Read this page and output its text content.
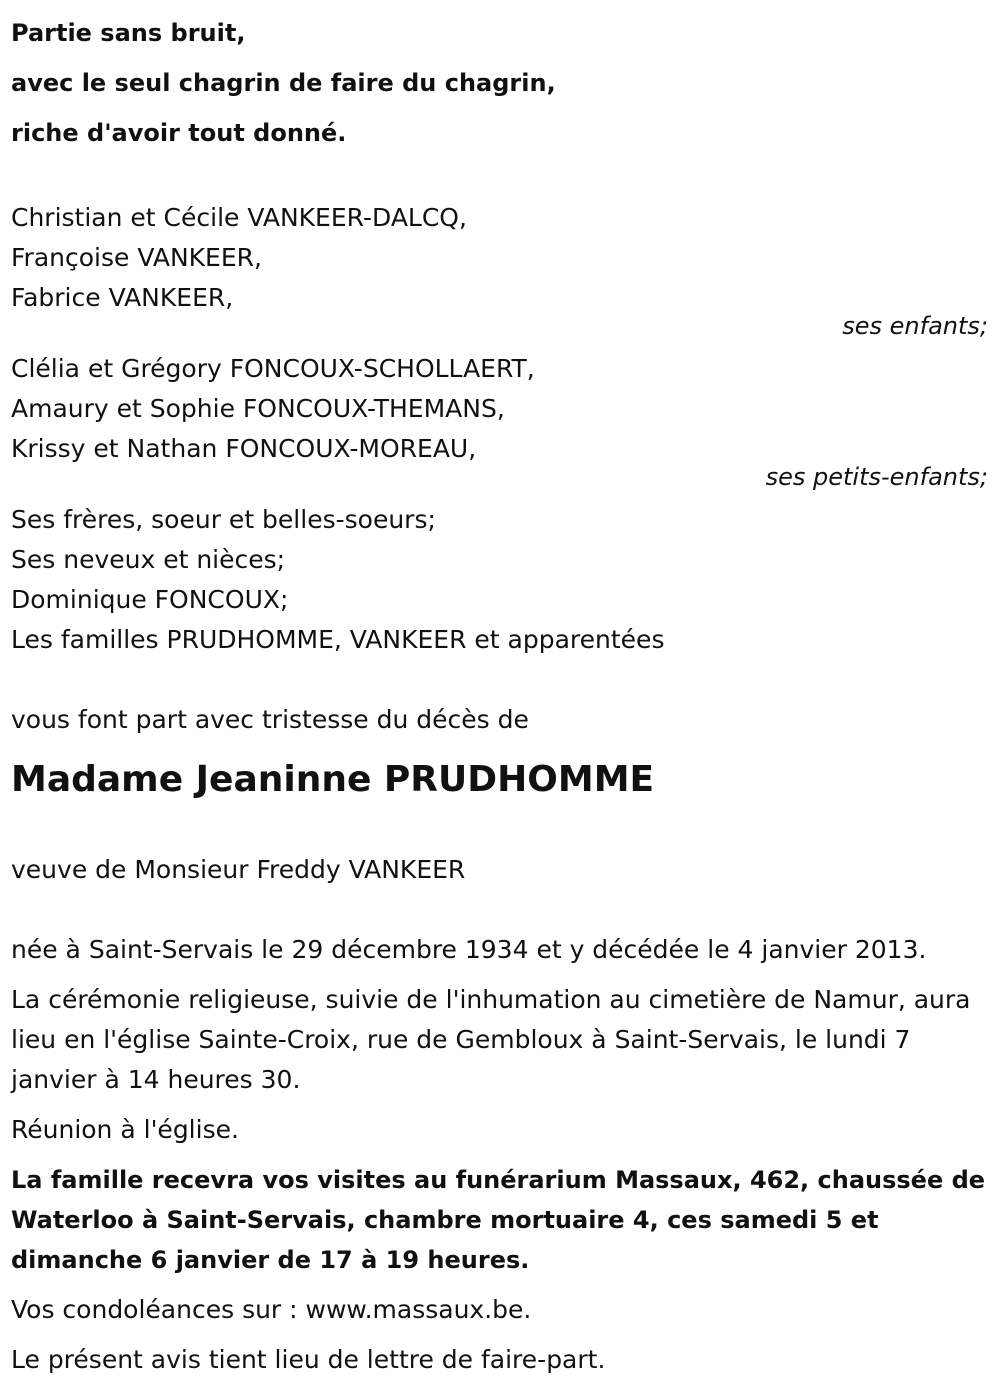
Partie sans bruit,

avec le seul chagrin de faire du chagrin,

riche d'avoir tout donné.

Christian et Cécile VANKEER-DALCQ,
Françoise VANKEER,
Fabrice VANKEER,
ses enfants;
Clélia et Grégory FONCOUX-SCHOLLAERT,
Amaury et Sophie FONCOUX-THEMANS,
Krissy et Nathan FONCOUX-MOREAU,
ses petits-enfants;
Ses frères, soeur et belles-soeurs;
Ses neveux et nièces;
Dominique FONCOUX;
Les familles PRUDHOMME, VANKEER et apparentées

vous font part avec tristesse du décès de

Madame Jeaninne PRUDHOMME

veuve de Monsieur Freddy VANKEER

née à Saint-Servais le 29 décembre 1934 et y décédée le 4 janvier 2013.

La cérémonie religieuse, suivie de l'inhumation au cimetière de Namur, aura lieu en l'église Sainte-Croix, rue de Gembloux à Saint-Servais, le lundi 7 janvier à 14 heures 30.

Réunion à l'église.

La famille recevra vos visites au funérarium Massaux, 462, chaussée de Waterloo à Saint-Servais, chambre mortuaire 4, ces samedi 5 et dimanche 6 janvier de 17 à 19 heures.

Vos condoléances sur : www.massaux.be.

Le présent avis tient lieu de lettre de faire-part.
